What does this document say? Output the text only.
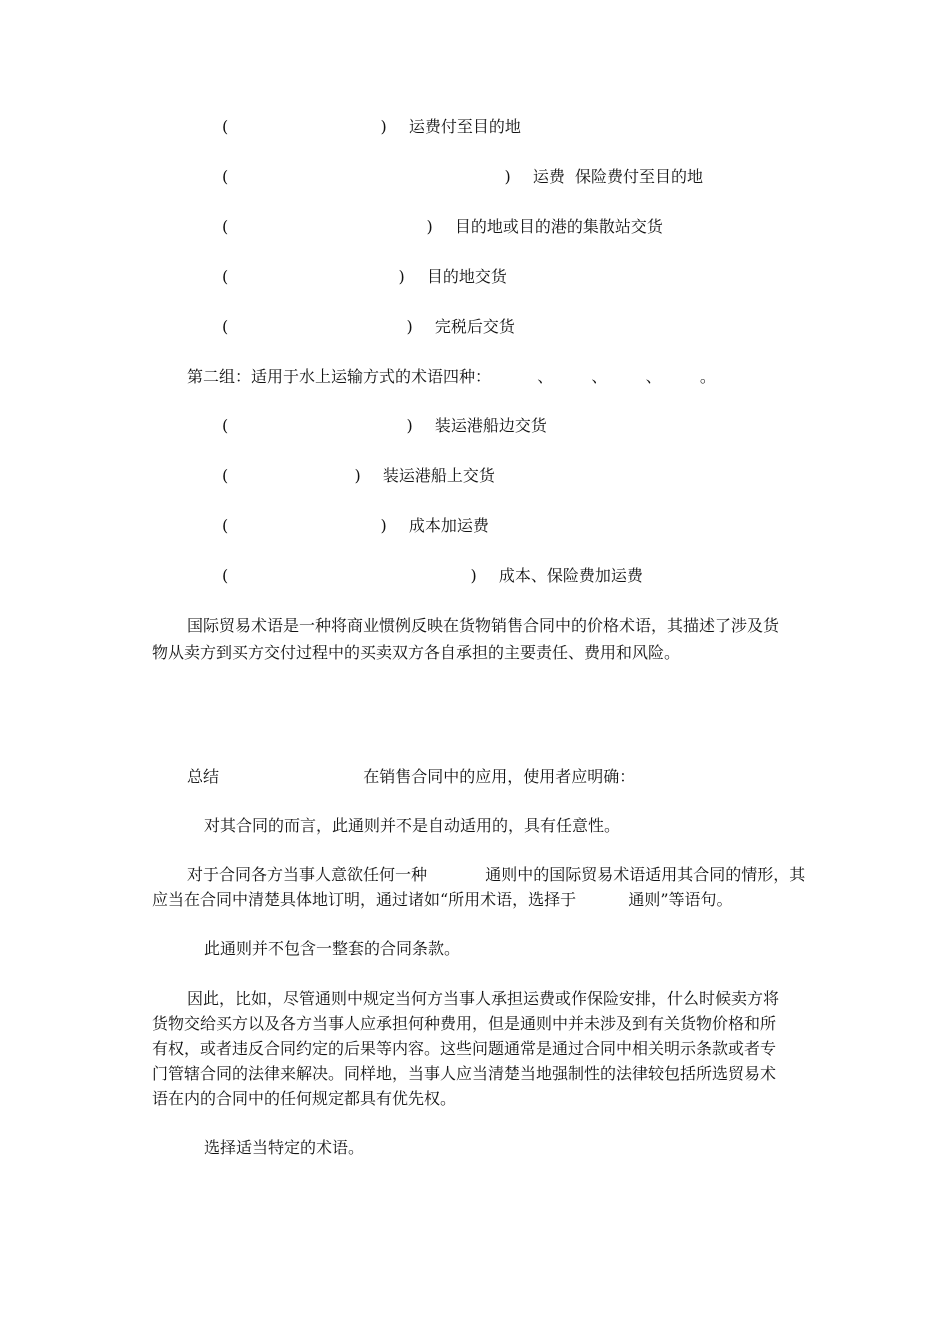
(	) 运费付至目的地
(	) 运费  保险费付至目的地
(	) 目的地或目的港的集散站交货
(	) 目的地交货
(	) 完税后交货
第二组：适用于水上运输方式的术语四种：	、 、 、 。
(	) 装运港船边交货
(	) 装运港船上交货
(	) 成本加运费
(	) 成本、保险费加运费
国际贸易术语是一种将商业惯例反映在货物销售合同中的价格术语，其描述了涉及货
物从卖方到买方交付过程中的买卖双方各自承担的主要责任、费用和风险。
总结	在销售合同中的应用，使用者应明确：
对其合同的而言，此通则并不是自动适用的，具有任意性。
对于合同各方当事人意欲任何一种	通则中的国际贸易术语适用其合同的情形，其
应当在合同中清楚具体地订明，通过诸如“所用术语，选择于	通则”等语句。
此通则并不包含一整套的合同条款。
因此，比如，尽管通则中规定当何方当事人承担运费或作保险安排，什么时候卖方将
货物交给买方以及各方当事人应承担何种费用，但是通则中并未涉及到有关货物价格和所
有权，或者违反合同约定的后果等内容。这些问题通常是通过合同中相关明示条款或者专
门管辖合同的法律来解决。同样地，当事人应当清楚当地强制性的法律较包括所选贸易术
语在内的合同中的任何规定都具有优先权。
选择适当特定的术语。
